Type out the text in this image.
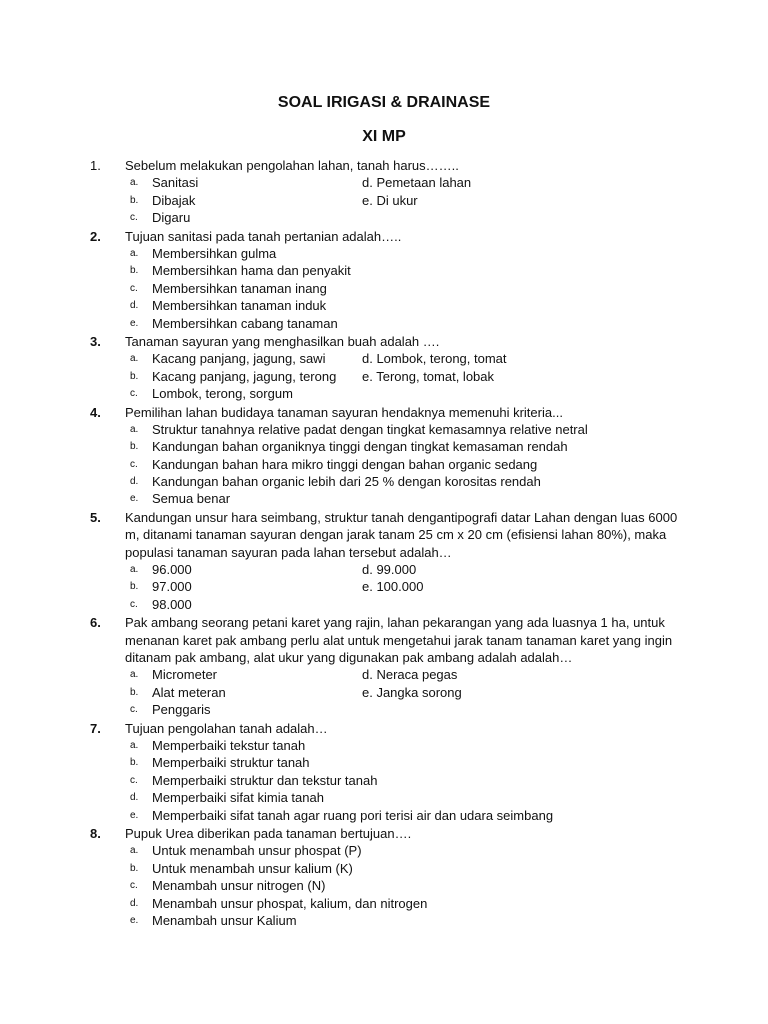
SOAL IRIGASI & DRAINASE
XI MP
1. Sebelum melakukan pengolahan lahan, tanah harus……..
a. Sanitasi	d. Pemetaan lahan
b. Dibajak	e. Di ukur
c. Digaru
2. Tujuan sanitasi pada tanah pertanian adalah…..
a. Membersihkan gulma
b. Membersihkan hama dan penyakit
c. Membersihkan tanaman inang
d. Membersihkan tanaman induk
e. Membersihkan cabang tanaman
3. Tanaman sayuran yang menghasilkan buah adalah ….
a. Kacang panjang, jagung, sawi	d. Lombok, terong, tomat
b. Kacang panjang, jagung, terong e. Terong, tomat, lobak
c. Lombok, terong, sorgum
4. Pemilihan lahan budidaya tanaman sayuran hendaknya memenuhi kriteria...
a. Struktur tanahnya relative padat dengan tingkat kemasamnya relative netral
b. Kandungan bahan organiknya tinggi dengan tingkat kemasaman rendah
c. Kandungan bahan hara mikro tinggi dengan bahan organic sedang
d. Kandungan bahan organic lebih dari 25 % dengan korositas rendah
e. Semua benar
5. Kandungan unsur hara seimbang, struktur tanah dengantipografi datar Lahan dengan luas 6000 m, ditanami tanaman sayuran dengan jarak tanam 25 cm x 20 cm (efisiensi lahan 80%), maka populasi tanaman sayuran pada lahan tersebut adalah…
a. 96.000	d. 99.000
b. 97.000	e. 100.000
c. 98.000
6. Pak ambang seorang petani karet yang rajin, lahan pekarangan yang ada luasnya 1 ha, untuk menanan karet pak ambang perlu alat untuk mengetahui jarak tanam tanaman karet yang ingin ditanam pak ambang, alat ukur yang digunakan pak ambang adalah adalah…
a. Micrometer	d. Neraca pegas
b. Alat meteran	e. Jangka sorong
c. Penggaris
7. Tujuan pengolahan tanah adalah…
a. Memperbaiki tekstur tanah
b. Memperbaiki struktur tanah
c. Memperbaiki struktur dan tekstur tanah
d. Memperbaiki sifat kimia tanah
e. Memperbaiki sifat tanah agar ruang pori terisi air dan udara seimbang
8. Pupuk Urea diberikan pada tanaman bertujuan….
a. Untuk menambah unsur phospat (P)
b. Untuk menambah unsur kalium (K)
c. Menambah unsur nitrogen (N)
d. Menambah unsur phospat, kalium, dan nitrogen
e. Menambah unsur Kalium
